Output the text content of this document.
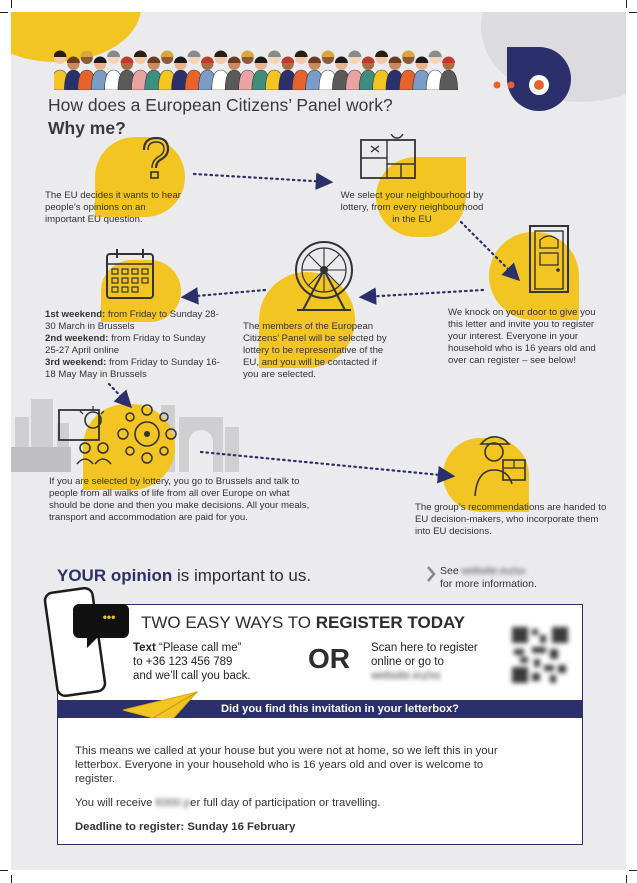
How does a European Citizens’ Panel work?
Why me?
The EU decides it wants to hear people’s opinions on an important EU question.
We select your neighbourhood by lottery, from every neighbourhood in the EU
We knock on your door to give you this letter and invite you to register your interest. Everyone in your household who is 16 years old and over can register – see below!
The members of the European Citizens’ Panel will be selected by lottery to be representative of the EU, and you will be contacted if you are selected.
1st weekend: from Friday to Sunday 28-30 March in Brussels
2nd weekend: from Friday to Sunday 25-27 April online
3rd weekend: from Friday to Sunday 16-18 May May in Brussels
If you are selected by lottery, you go to Brussels and talk to people from all walks of life from all over Europe on what should be done and then you make decisions. All your meals, transport and accommodation are paid for you.
The group’s recommendations are handed to EU decision-makers, who incorporate them into EU decisions.
YOUR opinion is important to us.	See website.eu/xx
for more information.
TWO EASY WAYS TO REGISTER TODAY
Text “Please call me”
to +36 123 456 789
and we’ll call you back.
OR Scan here to register
online or go to
website.eu/xx
•••
Did you find this invitation in your letterbox?
This means we called at your house but you were not at home, so we left this in your letterbox. Everyone in your household who is 16 years old and over is welcome to register.
You will receive €000 per full day of participation or travelling.
Deadline to register: Sunday 16 February
